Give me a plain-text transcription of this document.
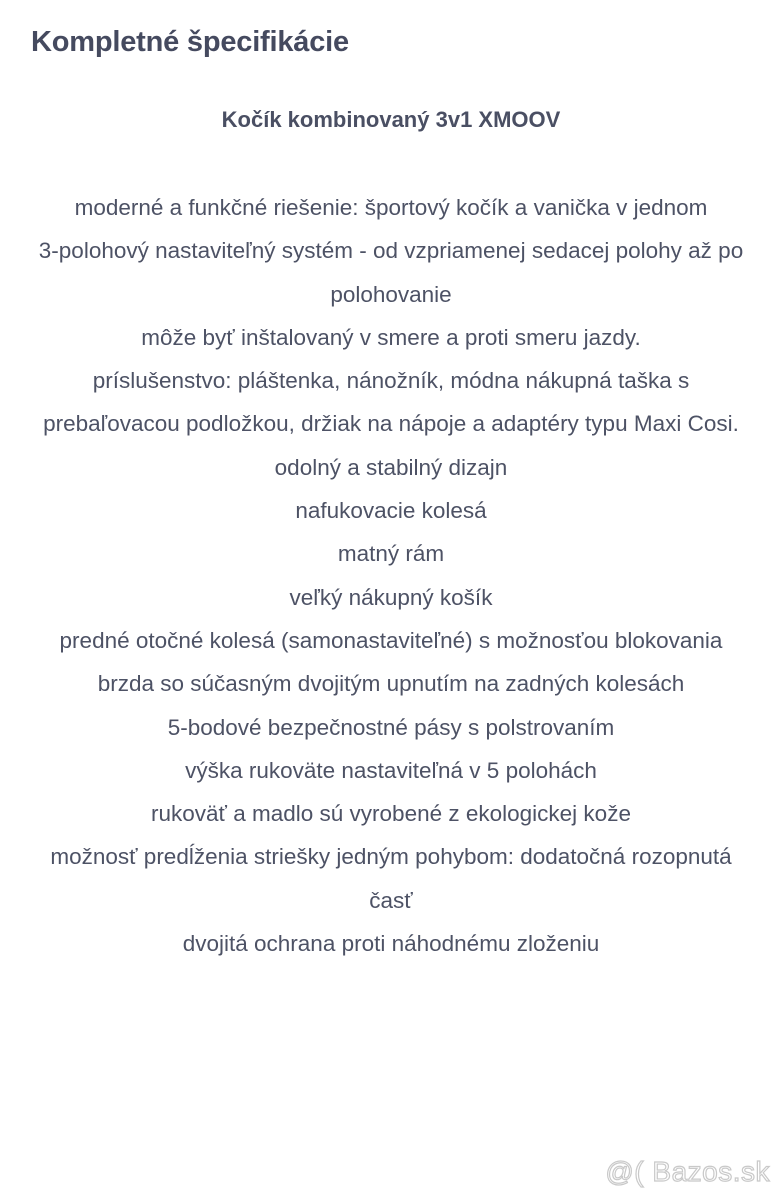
Kompletné špecifikácie
Kočík kombinovaný 3v1 XMOOV
moderné a funkčné riešenie: športový kočík a vanička v jednom
3-polohový nastaviteľný systém - od vzpriamenej sedacej polohy až po polohovanie
môže byť inštalovaný v smere a proti smeru jazdy.
príslušenstvo: pláštenka, nánožník, módna nákupná taška s prebaľovacou podložkou, držiak na nápoje a adaptéry typu Maxi Cosi.
odolný a stabilný dizajn
nafukovacie kolesá
matný rám
veľký nákupný košík
predné otočné kolesá (samonastaviteľné) s možnosťou blokovania
brzda so súčasným dvojitým upnutím na zadných kolesách
5-bodové bezpečnostné pásy s polstrovaním
výška rukoväte nastaviteľná v 5 polohách
rukoväť a madlo sú vyrobené z ekologickej kože
možnosť predĺženia striešky jedným pohybom: dodatočná rozopnutá časť
dvojitá ochrana proti náhodnému zloženiu
@( Bazos.sk
